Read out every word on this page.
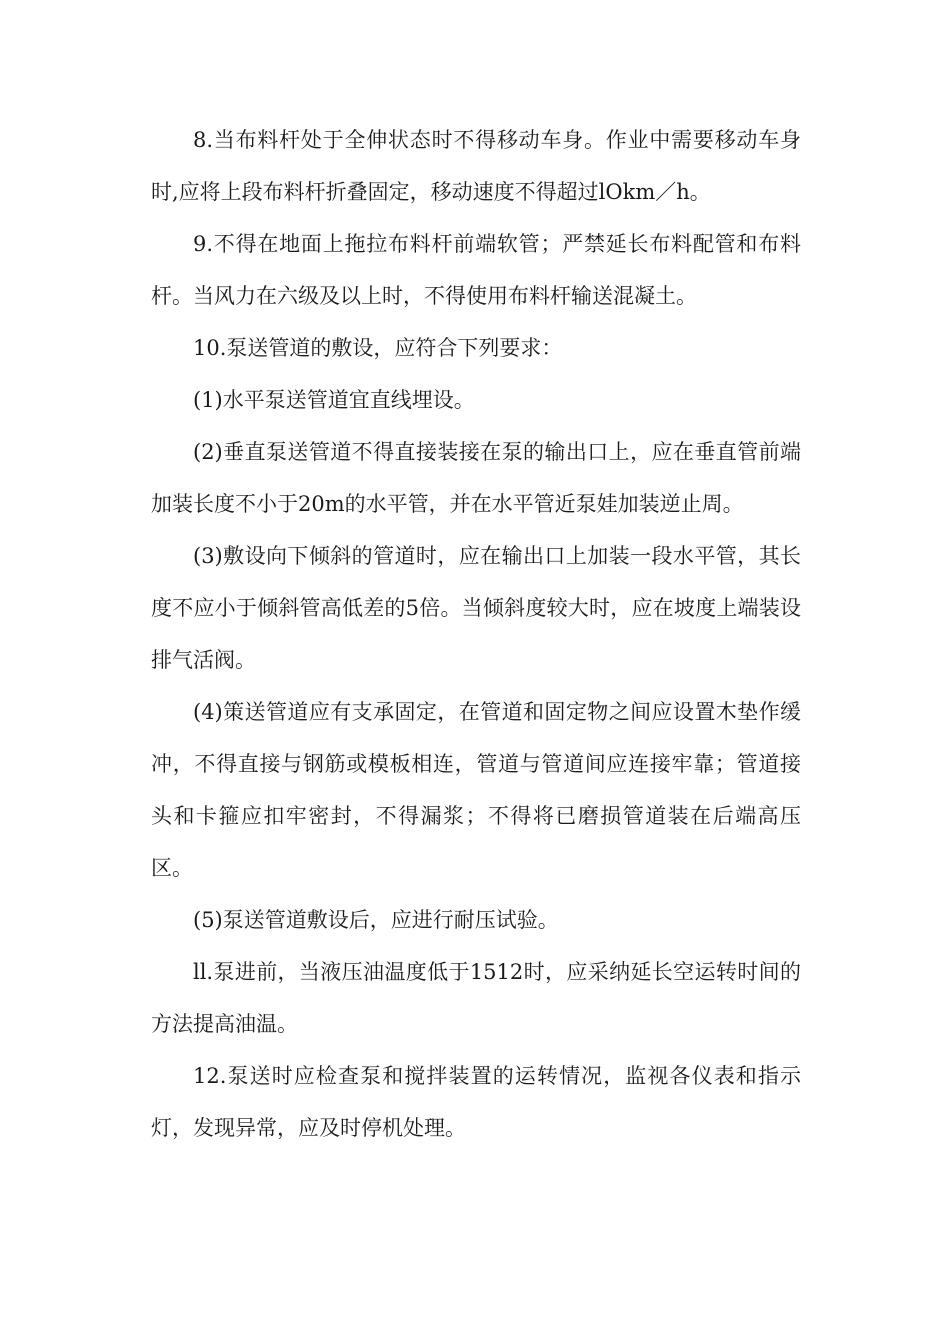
8.当布料杆处于全伸状态时不得移动车身。作业中需要移动车身时,应将上段布料杆折叠固定，移动速度不得超过lOkm／h。

9.不得在地面上拖拉布料杆前端软管；严禁延长布料配管和布料杆。当风力在六级及以上时，不得使用布料杆输送混凝土。

10.泵送管道的敷设，应符合下列要求：

(1)水平泵送管道宜直线埋设。

(2)垂直泵送管道不得直接装接在泵的输出口上，应在垂直管前端加装长度不小于20m的水平管，并在水平管近泵娃加装逆止周。

(3)敷设向下倾斜的管道时，应在输出口上加装一段水平管，其长度不应小于倾斜管高低差的5倍。当倾斜度较大时，应在坡度上端装设排气活阀。

(4)策送管道应有支承固定，在管道和固定物之间应设置木垫作缓冲，不得直接与钢筋或模板相连，管道与管道间应连接牢靠；管道接头和卡箍应扣牢密封，不得漏浆；不得将已磨损管道装在后端高压区。

(5)泵送管道敷设后，应进行耐压试验。

ll.泵进前，当液压油温度低于1512时，应采纳延长空运转时间的方法提高油温。

12.泵送时应检查泵和搅拌装置的运转情况，监视各仪表和指示灯，发现异常，应及时停机处理。
